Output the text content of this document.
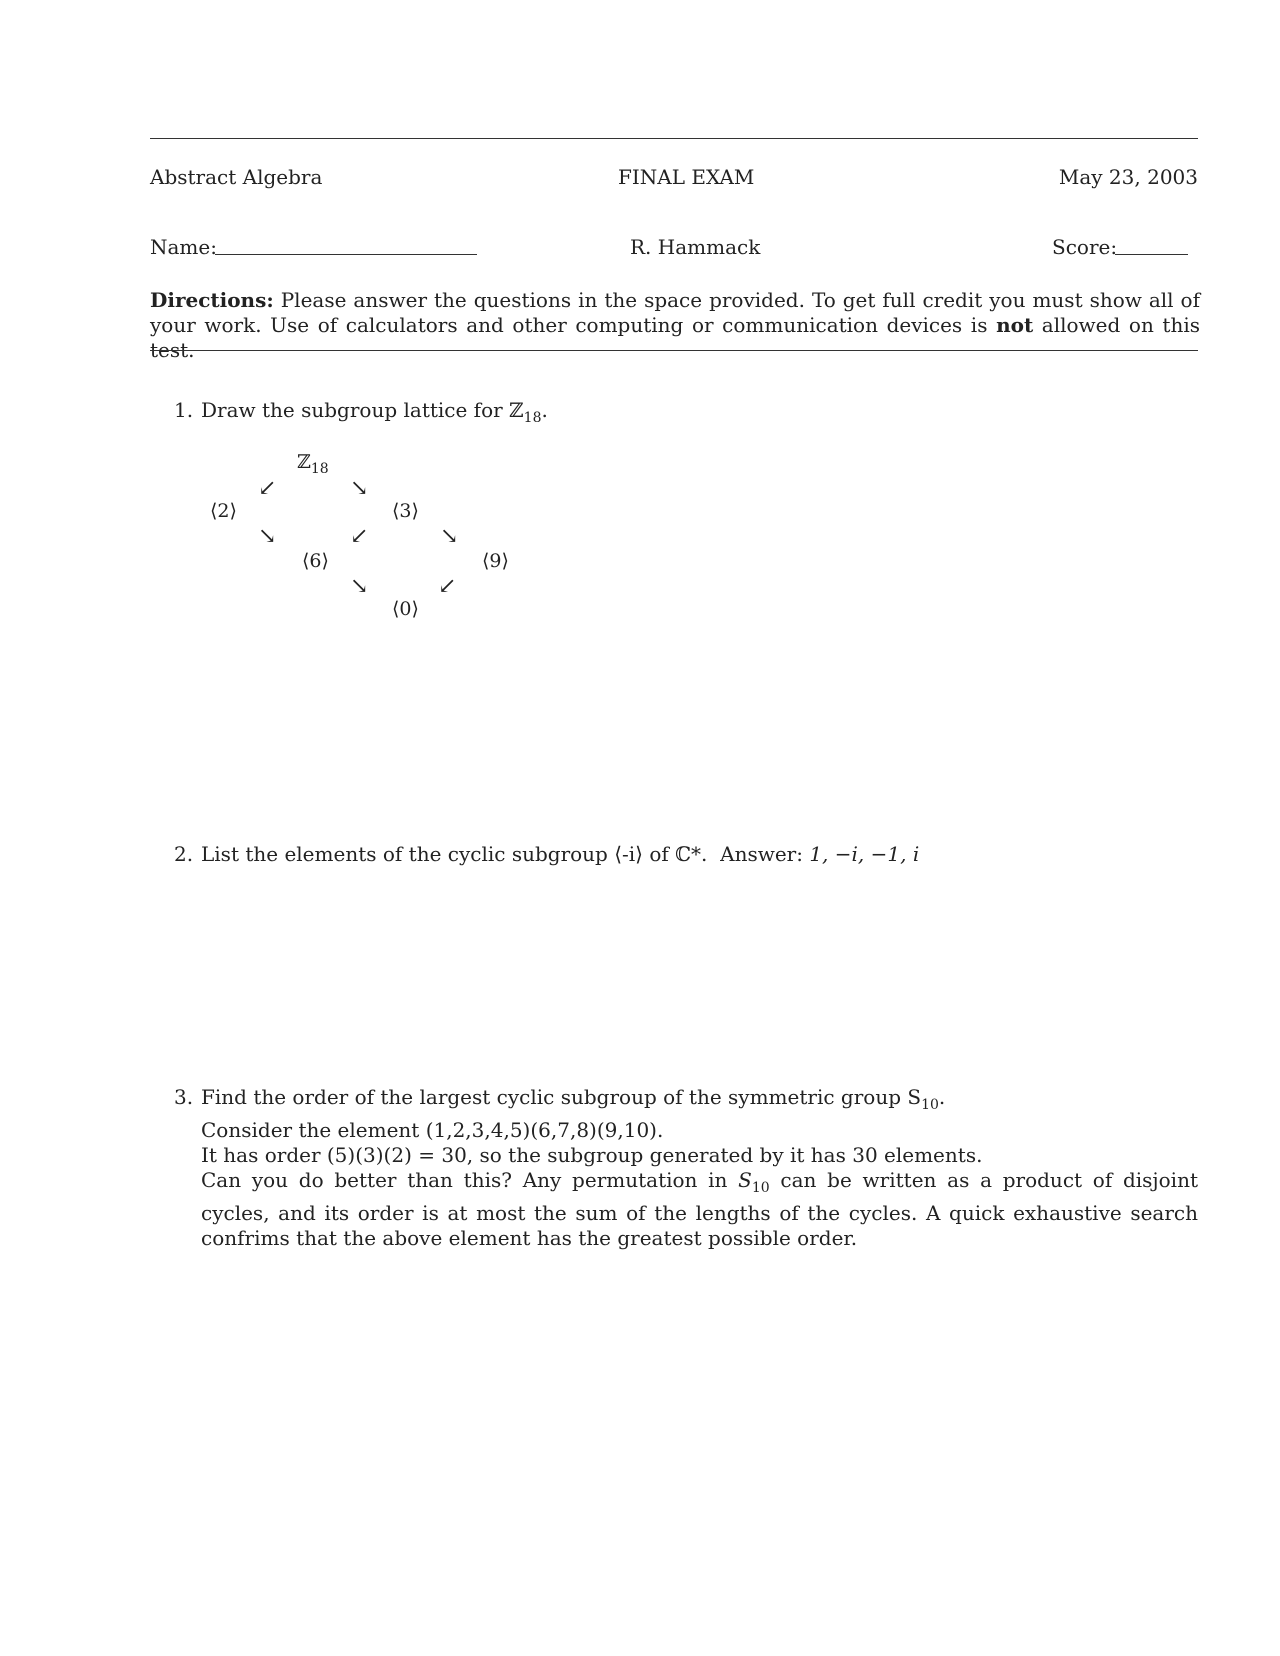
Abstract Algebra	FINAL EXAM	May 23, 2003
Name:	R. Hammack	Score:
Directions: Please answer the questions in the space provided. To get full credit you must show all of your work. Use of calculators and other computing or communication devices is not allowed on this test.
1. Draw the subgroup lattice for ℤ$_{18}$.
ℤ$_{18}$
↙	↘
⟨2⟩	⟨3⟩
↘	↙	↘
⟨6⟩	⟨9⟩
↘	↙
⟨0⟩
2. List the elements of the cyclic subgroup ⟨-i⟩ of ℂ*. Answer: 1, −i, −1, i
3. Find the order of the largest cyclic subgroup of the symmetric group $S_{10}$.
Consider the element (1,2,3,4,5)(6,7,8)(9,10).
It has order (5)(3)(2) = 30, so the subgroup generated by it has 30 elements.
Can you do better than this? Any permutation in $S_{10}$ can be written as a product of disjoint cycles, and its order is at most the sum of the lengths of the cycles. A quick exhaustive search confrims that the above element has the greatest possible order.
